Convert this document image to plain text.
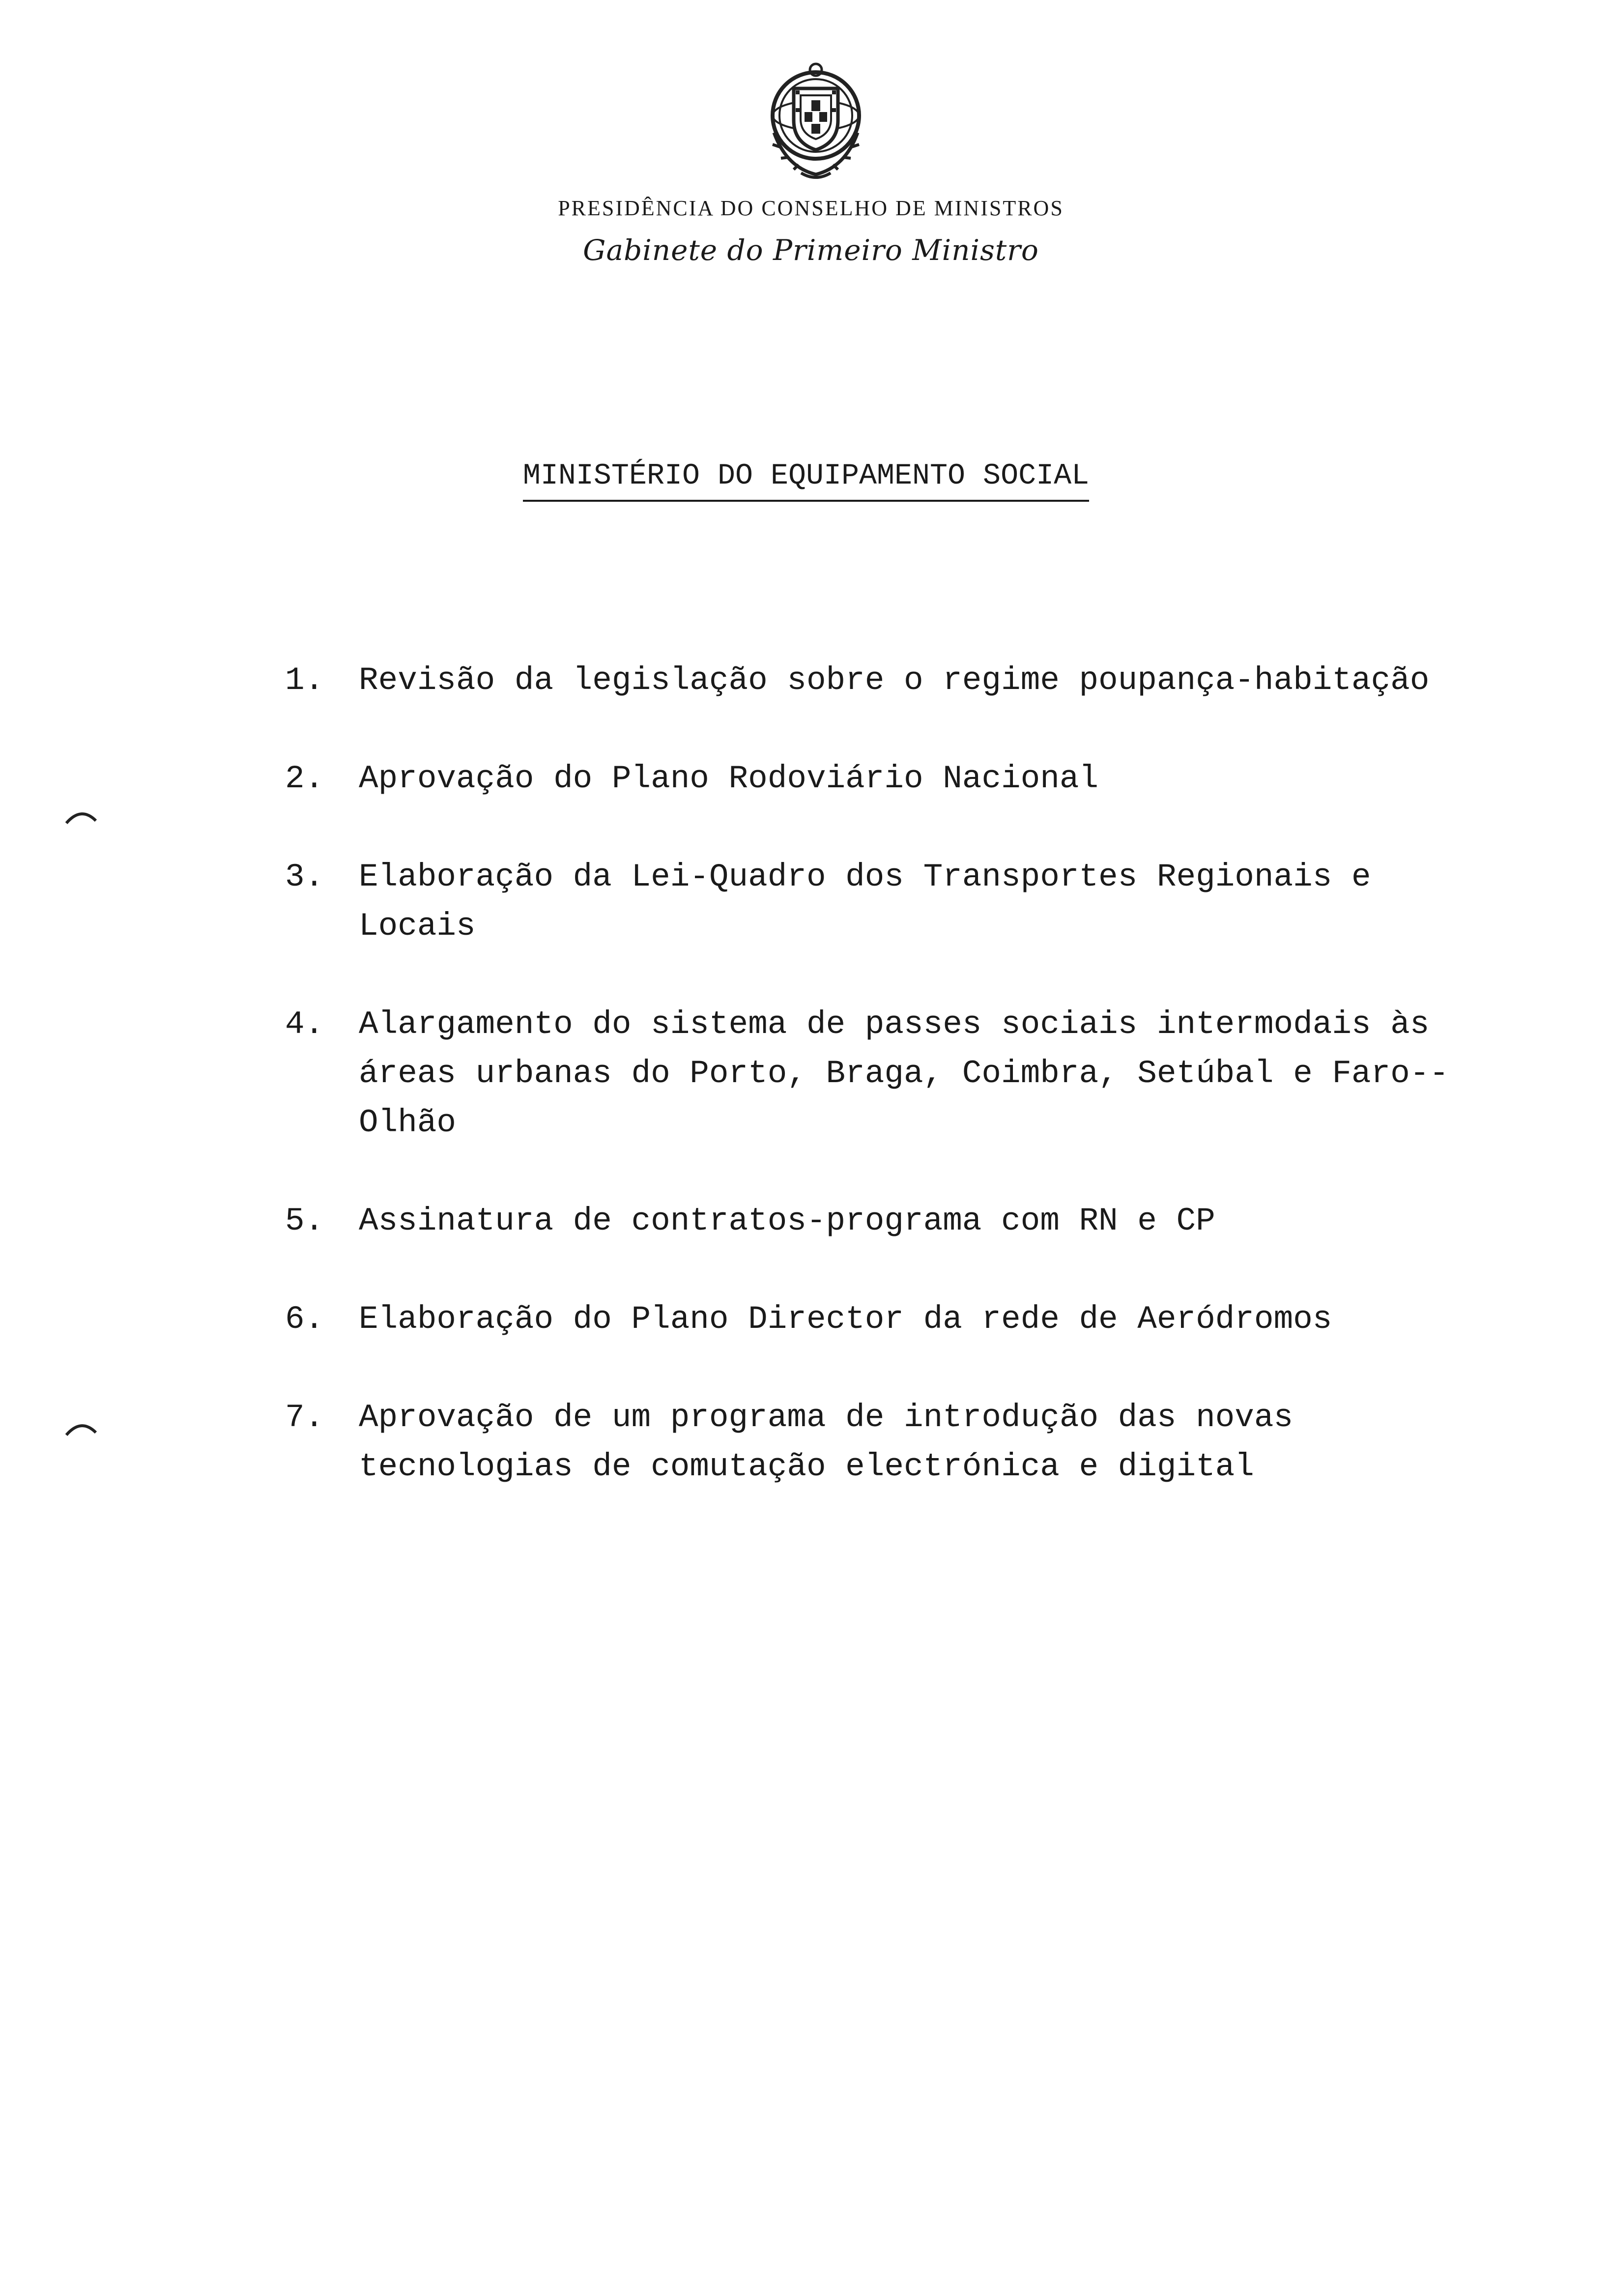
PRESIDÊNCIA DO CONSELHO DE MINISTROS
Gabinete do Primeiro Ministro
MINISTÉRIO DO EQUIPAMENTO SOCIAL
1. Revisão da legislação sobre o regime poupança-habitação
2. Aprovação do Plano Rodoviário Nacional
3. Elaboração da Lei-Quadro dos Transportes Regionais e Locais
4. Alargamento do sistema de passes sociais intermodais às áreas urbanas do Porto, Braga, Coimbra, Setúbal e Faro--Olhão
5. Assinatura de contratos-programa com RN e CP
6. Elaboração do Plano Director da rede de Aeródromos
7. Aprovação de um programa de introdução das novas tecnologias de comutação electrónica e digital
